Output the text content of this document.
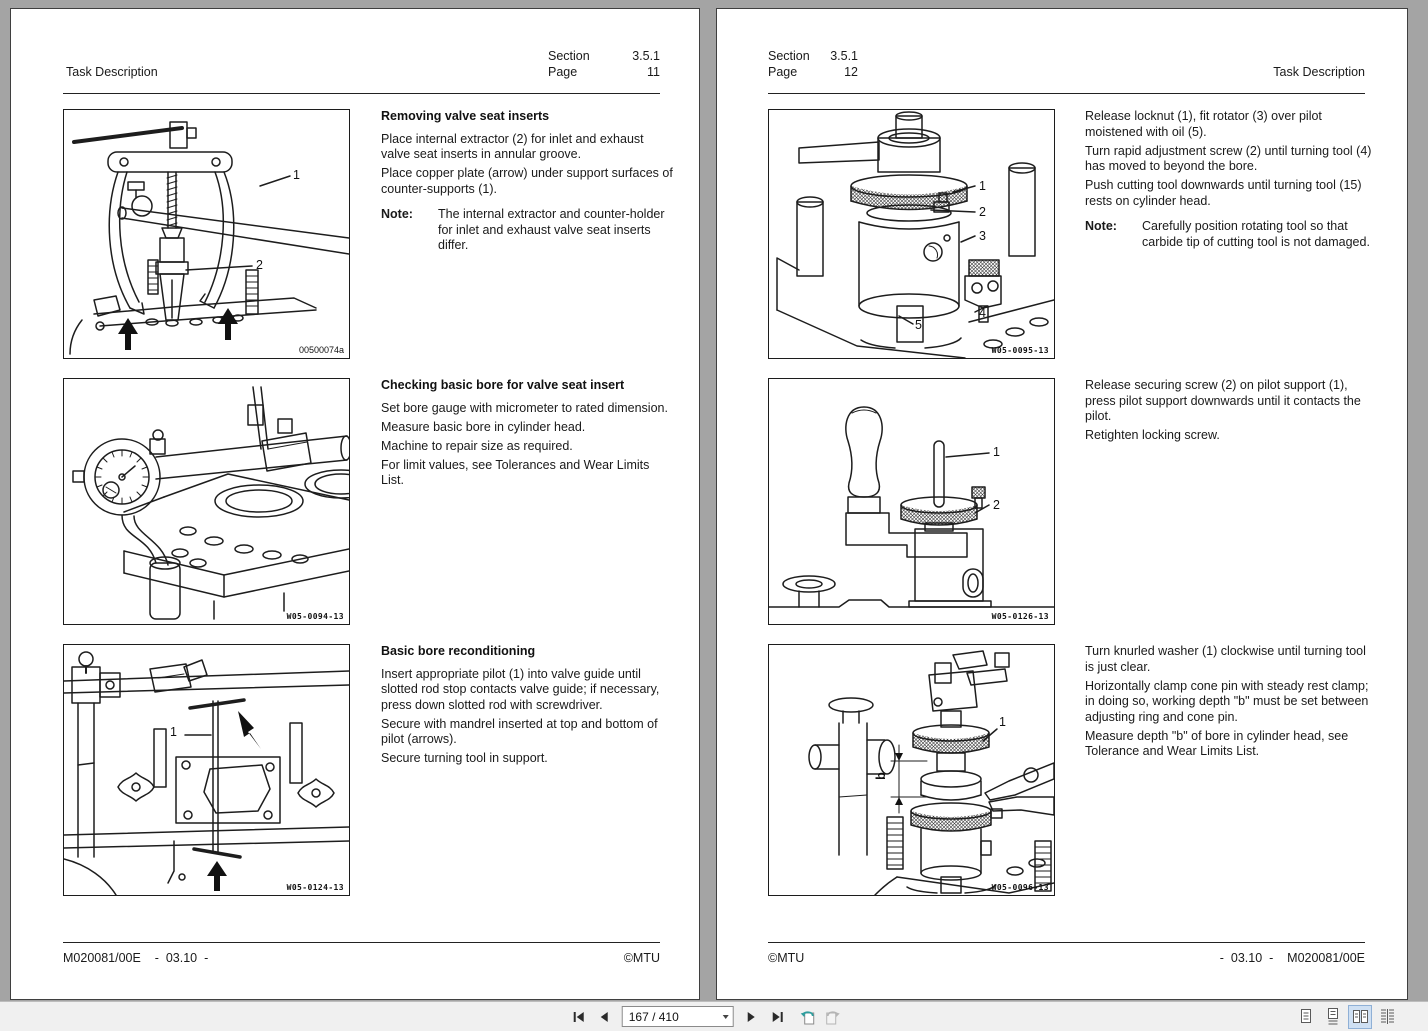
Task Description
Section	3.5.1
Page	11
1
2
00500074a
W05-0094-13
1
W05-0124-13
Removing valve seat inserts

Place internal extractor (2) for inlet and exhaust valve seat inserts in annular groove.

Place copper plate (arrow) under support surfaces of counter-supports (1).

Note:	The internal extractor and counter-holder for inlet and exhaust valve seat inserts differ.
Checking basic bore for valve seat insert

Set bore gauge with micrometer to rated dimension.

Measure basic bore in cylinder head.

Machine to repair size as required.

For limit values, see Tolerances and Wear Limits List.

Basic bore reconditioning

Insert appropriate pilot (1) into valve guide until slotted rod stop contacts valve guide; if necessary, press down slotted rod with screwdriver.

Secure with mandrel inserted at top and bottom of pilot (arrows).

Secure turning tool in support.

M020081/00E    -  03.10  -	©MTU
Task Description
Section 3.5.1
Page	12
1
2
3
4
5
W05-0095-13
1
2
W05-0126-13
1
b
W05-0096-13

Release locknut (1), fit rotator (3) over pilot moistened with oil (5).

Turn rapid adjustment screw (2) until turning tool (4) has moved to beyond the bore.

Push cutting tool downwards until turning tool (15) rests on cylinder head.

Note:	Carefully position rotating tool so that carbide tip of cutting tool is not damaged.

Release securing screw (2) on pilot support (1), press pilot support downwards until it contacts the pilot.

Retighten locking screw.

Turn knurled washer (1) clockwise until turning tool is just clear.

Horizontally clamp cone pin with steady rest clamp; in doing so, working depth "b" must be set between adjusting ring and cone pin.

Measure depth "b" of bore in cylinder head, see Tolerance and Wear Limits List.

©MTU	-  03.10  -    M020081/00E
167 / 410
